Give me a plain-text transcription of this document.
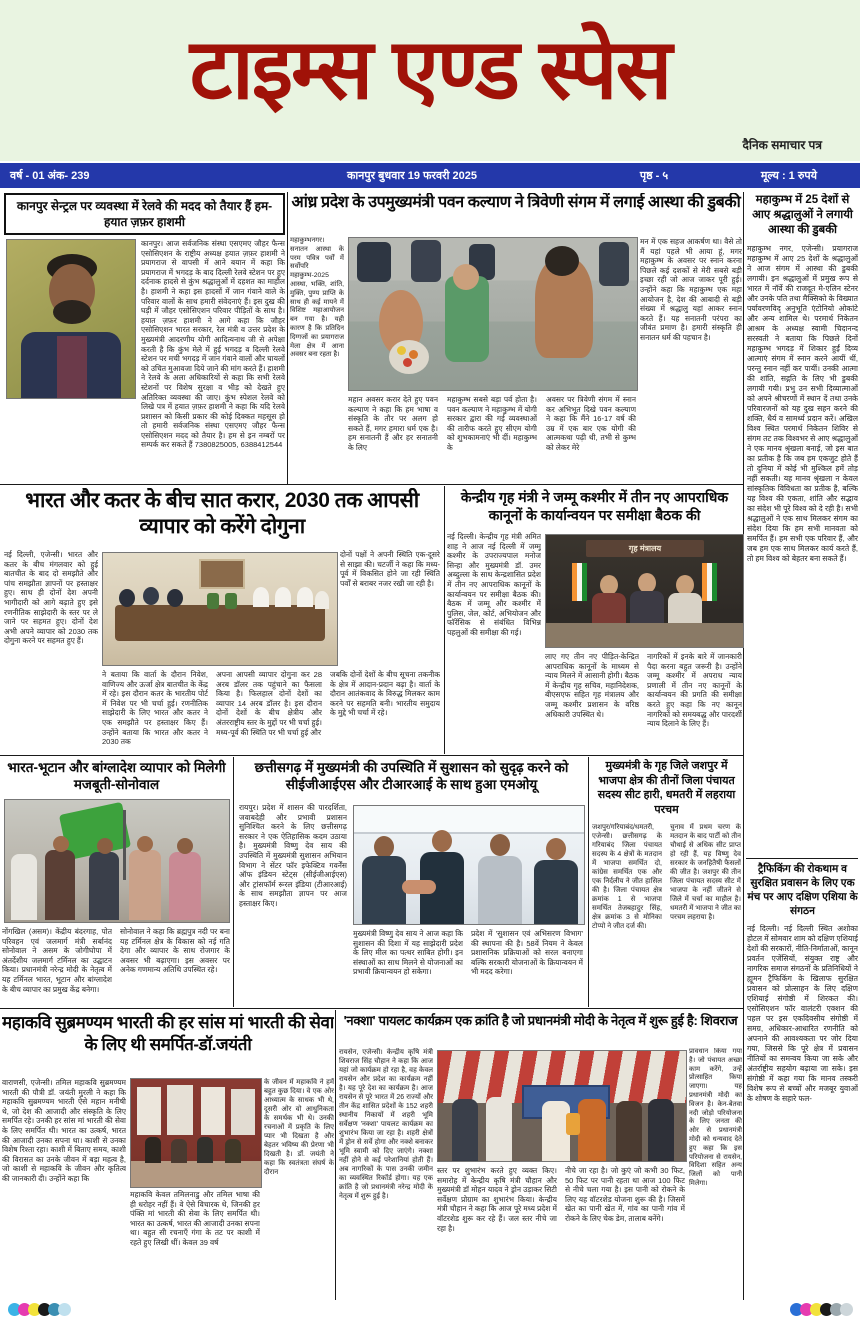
टाइम्स एण्ड स्पेस
दैनिक समाचार पत्र
वर्ष - 01 अंक- 239	कानपुर बुधवार 19 फरवरी 2025	पृष्ठ - ५	मूल्य : 1 रुपये
कानपुर सेन्ट्रल पर व्यवस्था में रेलवे की मदद को तैयार हैं हम- हयात ज़फ़र हाशमी
कानपुर। आज सर्वजनिक संस्था एसएमए जौहर फैन्स एसोसिएशन के राष्ट्रीय अध्यक्ष हयात ज़फ़र हाशमी ने प्रयागराज से वापसी में आने बयान में कहा कि प्रयागराज में भगदड़ के बाद दिल्ली रेलवे स्टेशन पर हुए दर्दनाक हादसे से कुंभ श्रद्धालुओं में दहशत का माहौल है। हाशमी ने कहा इस हादसों में जान गंवाने वाले के परिवार वालों के साथ हमारी संवेदनाएं हैं। इस दुख की घड़ी में जौहर एसोसिएशन परिवार पीड़ितों के साथ है। हयात ज़फ़र हाशमी ने आगे कहा कि जौहर एसोसिएशन भारत सरकार, रेल मंत्री व उत्तर प्रदेश के मुख्यमंत्री आदरणीय योगी आदित्यनाथ जी से अपेक्षा करती है कि कुंभ मेले में हुई भगदड़ व दिल्ली रेलवे स्टेशन पर मची भगदड़ में जान गंवाने वालों और घायलों को उचित मुआवजा दिये जाने की मांग करते हैं। हाशमी ने रेलवे के अला अधिकारियों से कहा कि सभी रेलवे स्टेशनों पर विशेष सुरक्षा व भीड़ को देखते हुए अतिरिक्त व्यवस्था की जाए। कुंभ स्पेशल रेलवे को लिखे पत्र में हयात ज़फ़र हाशमी ने कहा कि यदि रेलवे प्रशासन को किसी प्रकार की कोई दिक्कत महसूस हो तो हमारी सर्वजनिक संस्था एसएमए जौहर फैन्स एसोसिएशन मदद को तैयार है। हम से इन नम्बरों पर सम्पर्क कर सकते हैं 7380825005, 6388412544
आंध्र प्रदेश के उपमुख्यमंत्री पवन कल्याण ने त्रिवेणी संगम में लगाई आस्था की डुबकी
महाकुम्भनगर। सनातन आस्था के परम पवित्र पर्वों में सर्वोपरि महाकुम्भ-2025 आस्था, भक्ति, शांति, मुक्ति, पुण्य प्राप्ति के साथ ही कई मायने में विशिष्ट महाआयोजन बन गया है। यही कारण है कि प्रतिदिन दिग्गजों का प्रयागराज मेला क्षेत्र में आना अवसर बना रहता है।
मन में एक सहज आकर्षण था। वैसे तो मैं यहां पहले भी आया हूं, मगर महाकुम्भ के अवसर पर स्नान करना पिछले कई दशकों से मेरी सबसे बड़ी इच्छा रही जो आज जाकर पूरी हुई। उन्होंने कहा कि महाकुम्भ एक महा आयोजन है, देश की आबादी से बड़ी संख्या में श्रद्धालु यहां आकर स्नान करते हैं। यह सनातनी परंपरा का जीवंत प्रमाण है। हमारी संस्कृति ही सनातन धर्म की पहचान है।
महान अवसर करार देते हुए पवन कल्याण ने कहा कि हम भाषा व संस्कृति के तौर पर अलग हो सकते हैं, मगर हमारा धर्म एक है। हम सनातनी हैं और हर सनातनी के लिए
महाकुम्भ सबसे बड़ा पर्व होता है। पवन कल्याण ने महाकुम्भ में योगी सरकार द्वारा की गई व्यवस्थाओं की तारीफ करते हुए सीएम योगी को शुभकामनाएं भी दीं। महाकुम्भ के
अवसर पर त्रिवेणी संगम में स्नान कर अभिभूत दिखे पवन कल्याण ने कहा कि मैंने 16-17 वर्ष की उम्र में एक बार एक योगी की आत्मकथा पढ़ी थी, तभी से कुम्भ को लेकर मेरे
महाकुम्भ में 25 देशों से आए श्रद्धालुओं ने लगायी आस्था की डुबकी
महाकुम्भ नगर, एजेन्सी। प्रयागराज महाकुम्भ में आए 25 देशों के श्रद्धालुओं ने आज संगम में आस्था की डुबकी लगायी। इन श्रद्धालुओं में प्रमुख रूप से भारत में नॉर्वे की राजदूत मे-एलिन स्टेनर और उनके पति तथा मैक्सिको के विख्यात पर्यावरणविद् अनुभूति एंटोनियो ओकांटे और अन्य शामिल थे। परमार्थ निकेतन आश्रम के अध्यक्ष स्वामी चिदानन्द सरस्वती ने बताया कि पिछले दिनों महाकुम्भ भगदड़ में शिकार हुईं दिव्य आत्माएं संगम में स्नान करने आयीं थीं, परन्तु स्नान नहीं कर पायीं। उनकी आत्मा की शांति, सद्गति के लिए भी डुबकी लगायी गयी। प्रभु उन सभी दिव्यात्माओं को अपने श्रीचरणों में स्थान दें तथा उनके परिवारजनों को यह दुख सहन करने की शक्ति, धैर्य व सामर्थ्य प्रदान करें। अखिल विश्व स्थित परमार्थ निकेतन शिविर से संगम तट तक विश्वभर से आए श्रद्धालुओं ने एक मानव श्रृंखला बनाई, जो इस बात का प्रतीक है कि जब हम एकजुट होते हैं तो दुनिया में कोई भी मुश्किल हमें तोड़ नहीं सकती। यह मानव श्रृंखला न केवल सांस्कृतिक विविधता का प्रतीक है, बल्कि यह विश्व की एकता, शांति और सद्भाव का संदेश भी पूरे विश्व को दे रही है। सभी श्रद्धालुओं ने एक साथ मिलकर संगम का संदेश दिया कि हम सभी मानवता को समर्पित हैं। हम सभी एक परिवार हैं, और जब हम एक साथ मिलकर कार्य करते हैं, तो हम विश्व को बेहतर बना सकते हैं।
भारत और कतर के बीच सात करार, 2030 तक आपसी व्यापार को करेंगे दोगुना
नई दिल्ली, एजेन्सी। भारत और कतर के बीच मंगलवार को हुई बातचीत के बाद दो समझौते और पांच समझौता ज्ञापनों पर हस्ताक्षर हुए। साथ ही दोनों देश अपनी भागीदारी को आगे बढ़ाते हुए इसे रणनीतिक साझेदारी के स्तर पर ले जाने पर सहमत हुए। दोनों देश अभी अपने व्यापार को 2030 तक दोगुना करने पर सहमत हुए हैं।
दोनों पक्षों ने अपनी स्थिति एक-दूसरे से साझा की। चटर्जी ने कहा कि मध्य-पूर्व में विकसित होने जा रही स्थिति पर्वों से बराबर नजर रखी जा रही है।
ने बताया कि वार्ता के दौरान निवेश, वाणिज्य और ऊर्जा क्षेत्र बातचीत के केंद्र में रहे। इस दौरान कतर के भारतीय पोर्ट में निवेश पर भी चर्चा हुई। रणनीतिक साझेदारी के लिए भारत और कतर ने एक समझौते पर हस्ताक्षर किए हैं। उन्होंने बताया कि भारत और कतर ने 2030 तक
अपना आपसी व्यापार दोगुना कर 28 अरब डॉलर तक पहुंचाने का फैसला किया है। फिलहाल दोनों देशों का व्यापार 14 अरब डॉलर है। इस दौरान दोनों देशों के बीच क्षेत्रीय और अंतरराष्ट्रीय स्तर के मुद्दों पर भी चर्चा हुई। मध्य-पूर्व की स्थिति पर भी चर्चा हुई और
जबकि दोनों देशों के बीच सूचना तकनीक के क्षेत्र में आदान-प्रदान बढ़ा है। वार्ता के दौरान आतंकवाद के विरुद्ध मिलकर काम करने पर सहमति बनी। भारतीय समुदाय के मुद्दे भी चर्चा में रहे।
केन्द्रीय गृह मंत्री ने जम्मू कश्मीर में तीन नए आपराधिक कानूनों के कार्यान्वयन पर समीक्षा बैठक की
नई दिल्ली। केन्द्रीय गृह मंत्री अमित शाह ने आज नई दिल्ली में जम्मू कश्मीर के उपराज्यपाल मनोज सिन्हा और मुख्यमंत्री डॉ. उमर अब्दुल्ला के साथ केन्द्रशासित प्रदेश में तीन नए आपराधिक कानूनों के कार्यान्वयन पर समीक्षा बैठक की। बैठक में जम्मू और कश्मीर में पुलिस, जेल, कोर्ट, अभियोजन और फॉरेंसिक से संबंधित विभिन्न पहलुओं की समीक्षा की गई।
गृह मंत्रालय
लाए गए तीन नए पीड़ित-केन्द्रित आपराधिक कानूनों के माध्यम से न्याय मिलने में आसानी होगी। बैठक में केन्द्रीय गृह सचिव, महानिदेशक, बीएसएफ सहित गृह मंत्रालय और जम्मू कश्मीर प्रशासन के वरिष्ठ अधिकारी उपस्थित थे।
नागरिकों में इनके बारे में जानकारी पैदा करना बहुत जरूरी है। उन्होंने जम्मू कश्मीर में अपराध न्याय प्रणाली में तीन नए कानूनों के कार्यान्वयन की प्रगति की समीक्षा करते हुए कहा कि नए कानून नागरिकों को समयबद्ध और पारदर्शी न्याय दिलाने के लिए हैं।
भारत-भूटान और बांग्लादेश व्यापार को मिलेगी मजबूती-सोनोवाल
नोंगखिल (असम)। केंद्रीय बंदरगाह, पोत परिवहन एवं जलमार्ग मंत्री सर्बानंद सोनोवाल ने असम के जोगीघोपा में अंतर्देशीय जलमार्ग टर्मिनल का उद्घाटन किया। प्रधानमंत्री नरेन्द्र मोदी के नेतृत्व में यह टर्मिनल भारत, भूटान और बांग्लादेश के बीच व्यापार का प्रमुख केंद्र बनेगा।
सोनोवाल ने कहा कि ब्रह्मपुत्र नदी पर बना यह टर्मिनल क्षेत्र के विकास को नई गति देगा और व्यापार के साथ रोजगार के अवसर भी बढ़ाएगा। इस अवसर पर अनेक गणमान्य अतिथि उपस्थित रहे।
छत्तीसगढ़ में मुख्यमंत्री की उपस्थिति में सुशासन को सुदृढ़ करने को सीईजीआईएस और टीआरआई के साथ हुआ एमओयू
रायपुर। प्रदेश में शासन की पारदर्शिता, जवाबदेही और प्रभावी प्रशासन सुनिश्चित करने के लिए छत्तीसगढ़ सरकार ने एक ऐतिहासिक कदम उठाया है। मुख्यमंत्री विष्णु देव साय की उपस्थिति में मुख्यमंत्री सुशासन अभियान विभाग ने सेंटर फॉर इफेक्टिव गवर्नेंस ऑफ इंडियन स्टेट्स (सीईजीआईएस) और ट्रांसफॉर्म रूरल इंडिया (टीआरआई) के साथ समझौता ज्ञापन पर आज हस्ताक्षर किए।
मुख्यमंत्री विष्णु देव साय ने आज कहा कि सुशासन की दिशा में यह साझेदारी प्रदेश के लिए मील का पत्थर साबित होगी। इन संस्थाओं का साथ मिलने से योजनाओं का प्रभावी क्रियान्वयन हो सकेगा।
प्रदेश में 'सुशासन एवं अभिसरण विभाग' की स्थापना की है। 58वें नियम ने केवल प्रशासनिक प्रक्रियाओं को सरल बनाएगा बल्कि सरकारी योजनाओं के क्रियान्वयन में भी मदद करेगा।
मुख्यमंत्री के गृह जिले जशपुर में भाजपा क्षेत्र की तीनों जिला पंचायत सदस्य सीट हारी, धमतरी में लहराया परचम
जशपुर/गरियाबंद/धमतरी, एजेन्सी। छत्तीसगढ़ के गरियाबंद जिला पंचायत सदस्य के 4 क्षेत्रों के मतदान में भाजपा समर्थित दो, कांग्रेस समर्थित एक और एक निर्दलीय ने जीत हासिल की है। जिला पंचायत क्षेत्र क्रमांक 1 से भाजपा समर्थित तेजबहादुर सिंह, क्षेत्र क्रमांक 3 से मोनिका टोप्पो ने जीत दर्ज की।
चुनाव में प्रथम चरण के मतदान के बाद पार्टी को तीन चौथाई से अधिक सीट प्राप्त हो रही हैं, यह विष्णु देव सरकार के जनहितैषी फैसलों की जीत है। जशपुर की तीन जिला पंचायत सदस्य सीट में भाजपा के नहीं जीतने से जिले में चर्चा का माहौल है। धमतरी में भाजपा ने जीत का परचम लहराया है।
ट्रैफिकिंग की रोकथाम व सुरक्षित प्रवासन के लिए एक मंच पर आए दक्षिण एशिया के संगठन
नई दिल्ली। नई दिल्ली स्थित अशोका होटल में सोमवार शाम को दक्षिण एशियाई देशों की सरकारों, नीति-निर्माताओं, कानून प्रवर्तन एजेंसियों, संयुक्त राष्ट्र और नागरिक समाज संगठनों के प्रतिनिधियों ने ह्यूमन ट्रैफिकिंग के खिलाफ सुरक्षित प्रवासन को प्रोत्साहन के लिए दक्षिण एशियाई संगोष्ठी में शिरकत की। एसोसिएशन फॉर वालंटरी एक्शन की पहल पर इस एकदिवसीय संगोष्ठी में समग्र, अधिकार-आधारित रणनीति को अपनाने की आवश्यकता पर जोर दिया गया, जिससे कि पूरे क्षेत्र में प्रवासन नीतियों का समन्वय किया जा सके और अंतर्राष्ट्रीय सहयोग बढ़ाया जा सके। इस संगोष्ठी में कहा गया कि मानव तस्करी विशेष रूप से बच्चों और मजबूर युवाओं के शोषण के सहारे फल-
महाकवि सुब्रमण्यम भारती की हर सांस मां भारती की सेवा के लिए थी समर्पित-डॉ.जयंती
वाराणसी, एजेन्सी। तमिल महाकवि सुब्रमण्यम भारती की पौत्री डॉ. जयंती मुरली ने कहा कि महाकवि सुब्रमण्यम भारती ऐसे महान मनीषी थे, जो देश की आजादी और संस्कृति के लिए समर्पित रहे। उनकी हर सांस मां भारती की सेवा के लिए समर्पित थी। भारत का उत्कर्ष, भारत की आजादी उनका सपना था। काशी से उनका विशेष रिश्ता रहा। काशी में बिताए समय, काशी की विरासत का उनके जीवन में बड़ा महत्व है, जो काशी से महाकवि के जीवन और कृतित्व की जानकारी दी। उन्होंने कहा कि
महाकवि केवल तमिलनाडु और तमिल भाषा की ही धरोहर नहीं हैं। वे ऐसे विचारक थे, जिनकी हर पंक्ति मां भारती की सेवा के लिए समर्पित थी। भारत का उत्कर्ष, भारत की आजादी उनका सपना था। बहुत सी रचनाएँ गंगा के तट पर काशी में रहते हुए लिखी थीं। केवल 39 वर्ष
के जीवन में महाकवि ने हमें बहुत कुछ दिया। वे एक ओर आध्यात्म के साधक भी थे, दूसरी ओर वो आधुनिकता के समर्थक भी थे। उनकी रचनाओं में प्रकृति के लिए प्यार भी दिखता है और बेहतर भविष्य की प्रेरणा भी दिखती है। डॉ. जयंती ने कहा कि स्वतंत्रता संघर्ष के दौरान
'नक्शा' पायलट कार्यक्रम एक क्रांति है जो प्रधानमंत्री मोदी के नेतृत्व में शुरू हुई है: शिवराज
रायसेन, एजेन्सी। केन्द्रीय कृषि मंत्री शिवराज सिंह चौहान ने कहा कि आज यहां जो कार्यक्रम हो रहा है, वह केवल रायसेन और प्रदेश का कार्यक्रम नहीं है। यह पूरे देश का कार्यक्रम है। आज रायसेन से पूरे भारत में 26 राज्यों और तीन केंद्र शासित प्रदेशों के 152 शहरी स्थानीय निकायों में शहरी भूमि सर्वेक्षण 'नक्शा' पायलट कार्यक्रम का शुभारंभ किया जा रहा है। शहरी क्षेत्रों में ड्रोन से सर्वे होगा और नक्शे बनाकर भूमि स्वामी को दिए जाएंगे। नक्शा नहीं होने से कई परेशानियां होती हैं। अब नागरिकों के पास उनकी जमीन का व्यवस्थित रिकॉर्ड होगा। यह एक क्रांति है जो प्रधानमंत्री नरेन्द्र मोदी के नेतृत्व में शुरू हुई है।
स्तर पर शुभारंभ करते हुए व्यक्त किए। समारोह में केन्द्रीय कृषि मंत्री चौहान और मुख्यमंत्री डॉ मोहन यादव ने ड्रोन उड़ाकर सिटी सर्वेक्षण प्रोग्राम का शुभारंभ किया। केन्द्रीय मंत्री चौहान ने कहा कि आज पूरे मध्य प्रदेश में वॉटरशेड शुरू कर रहे हैं। जल स्तर नीचे जा रहा है।
नीचे जा रहा है। जो कुएं जो कभी 30 फिट, 50 फिट पर पानी रहता था आज 100 फिट से नीचे चला गया है। इस पानी को रोकने के लिए यह वॉटरशेड योजना शुरू की है। जिसमें खेत का पानी खेत में, गांव का पानी गांव में रोकने के लिए चेक डेम, तालाब बनेंगे।
प्रावधान किया गया है। जो पंचायत अच्छा काम करेंगे, उन्हें प्रोत्साहित किया जाएगा। यह प्रधानमंत्री मोदी का विजन है। केन-बेतवा नदी जोड़ो परियोजना के लिए जनता की ओर से प्रधानमंत्री मोदी को धन्यवाद देते हुए कहा कि इस परियोजना से रायसेन, विदिशा सहित अन्य जिलों को पानी मिलेगा।
